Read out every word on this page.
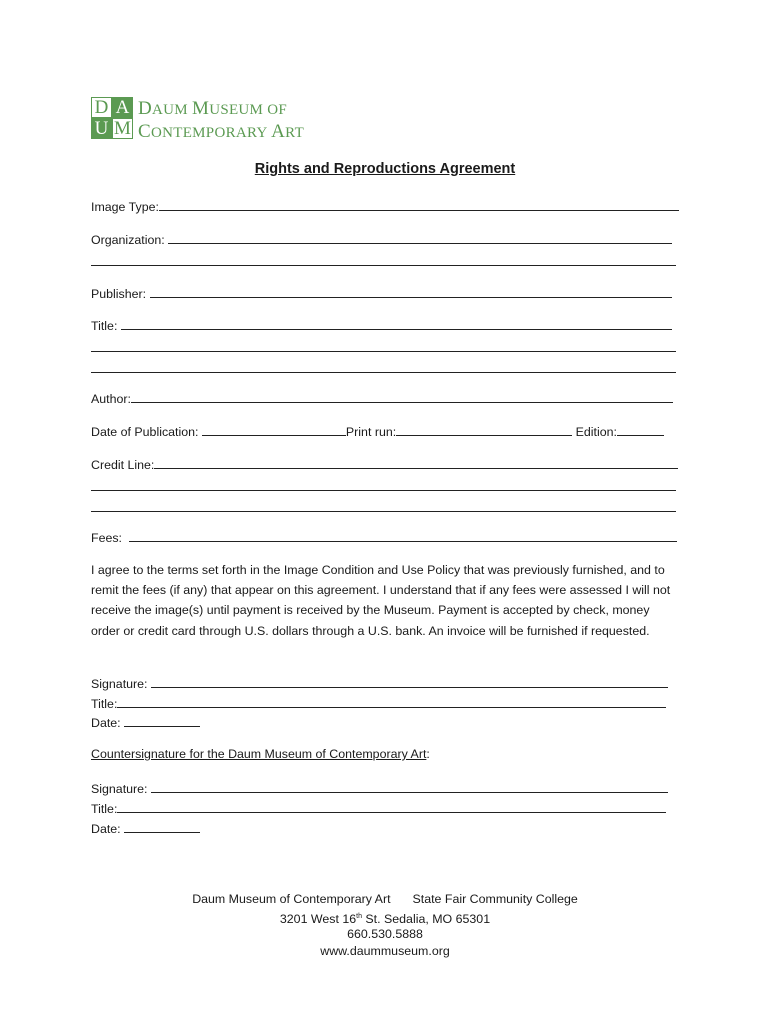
D A
U M
DAUM MUSEUM OF
CONTEMPORARY ART
Rights and Reproductions Agreement
Image Type:
Organization:
Publisher:
Title:
Author:
Date of Publication:	Print run:	Edition:
Credit Line:
Fees:
I agree to the terms set forth in the Image Condition and Use Policy that was previously furnished, and to remit the fees (if any) that appear on this agreement. I understand that if any fees were assessed I will not receive the image(s) until payment is received by the Museum. Payment is accepted by check, money order or credit card through U.S. dollars through a U.S. bank. An invoice will be furnished if requested.
Signature:
Title:
Date:
Countersignature for the Daum Museum of Contemporary Art:
Signature:
Title:
Date:
Daum Museum of Contemporary Art State Fair Community College
3201 West 16th St. Sedalia, MO 65301
660.530.5888
www.daummuseum.org
